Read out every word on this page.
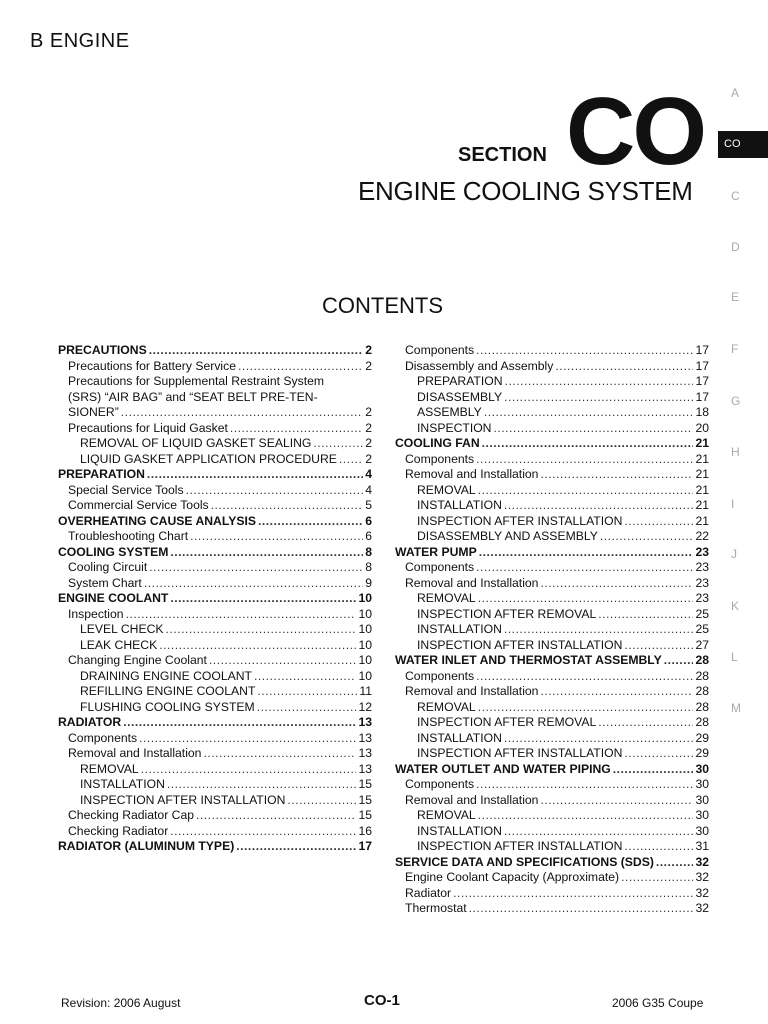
B ENGINE
SECTION CO
ENGINE COOLING SYSTEM
CONTENTS
PRECAUTIONS .....	2
Precautions for Battery Service .....	2
Precautions for Supplemental Restraint System
(SRS) “AIR BAG” and “SEAT BELT PRE-TEN-
SIONER” .....	2
Precautions for Liquid Gasket .....	2
REMOVAL OF LIQUID GASKET SEALING .....	2
LIQUID GASKET APPLICATION PROCEDURE ..... 2
PREPARATION .....	4
Special Service Tools .....	4
Commercial Service Tools .....	5
OVERHEATING CAUSE ANALYSIS .....	6
Troubleshooting Chart .....	6
COOLING SYSTEM .....	8
Cooling Circuit .....	8
System Chart .....	9
ENGINE COOLANT .....	10
Inspection .....	10
LEVEL CHECK .....	10
LEAK CHECK .....	10
Changing Engine Coolant .....	10
DRAINING ENGINE COOLANT .....	10
REFILLING ENGINE COOLANT .....	11
FLUSHING COOLING SYSTEM .....	12
RADIATOR .....	13
Components .....	13
Removal and Installation .....	13
REMOVAL .....	13
INSTALLATION .....	15
INSPECTION AFTER INSTALLATION .....	15
Checking Radiator Cap .....	15
Checking Radiator .....	16
RADIATOR (ALUMINUM TYPE) .....	17
Components .....	17
Disassembly and Assembly .....	17
PREPARATION .....	17
DISASSEMBLY .....	17
ASSEMBLY .....	18
INSPECTION .....	20
COOLING FAN .....	21
Components .....	21
Removal and Installation .....	21
REMOVAL .....	21
INSTALLATION .....	21
INSPECTION AFTER INSTALLATION .....	21
DISASSEMBLY AND ASSEMBLY .....	22
WATER PUMP .....	23
Components .....	23
Removal and Installation .....	23
REMOVAL .....	23
INSPECTION AFTER REMOVAL .....	25
INSTALLATION .....	25
INSPECTION AFTER INSTALLATION .....	27
WATER INLET AND THERMOSTAT ASSEMBLY .....	28
Components .....	28
Removal and Installation .....	28
REMOVAL .....	28
INSPECTION AFTER REMOVAL .....	28
INSTALLATION .....	29
INSPECTION AFTER INSTALLATION .....	29
WATER OUTLET AND WATER PIPING .....	30
Components .....	30
Removal and Installation .....	30
REMOVAL .....	30
INSTALLATION .....	30
INSPECTION AFTER INSTALLATION .....	31
SERVICE DATA AND SPECIFICATIONS (SDS) .....	32
Engine Coolant Capacity (Approximate) .....	32
Radiator .....	32
Thermostat .....	32
A
C
D
E
F
G
H
I
J
K
L
M
CO
Revision: 2006 August	CO-1	2006 G35 Coupe
